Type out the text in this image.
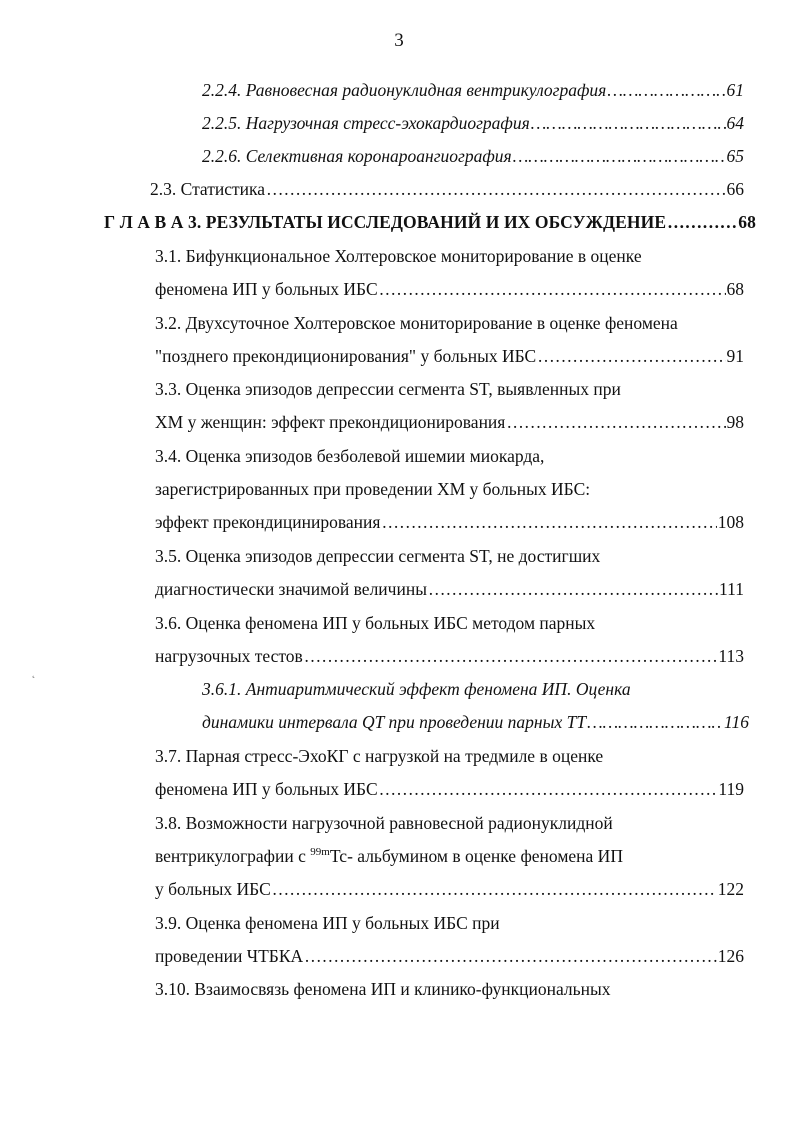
3
2.2.4. Равновесная радионуклидная вентрикулография …………………………………………………………………………………………………………………………………………………………………………	61
2.2.5. Нагрузочная стресс-эхокардиография …………………………………………………………………………………………………………………………………………………………………………	64
2.2.6. Селективная коронароангиография …………………………………………………………………………………………………………………………………………………………………………	65
2.3. Статистика …………………………………………………………………………………………………………………………………………………………………………	66
Г Л А В А 3. РЕЗУЛЬТАТЫ ИССЛЕДОВАНИЙ И ИХ ОБСУЖДЕНИЕ …………………………………………………………………………………………………………………………………………………………………………	68
3.1. Бифункциональное Холтеровское мониторирование в оценке
феномена ИП у больных ИБС …………………………………………………………………………………………………………………………………………………………………………	68
3.2. Двухсуточное Холтеровское мониторирование в оценке феномена
"позднего прекондиционирования" у больных ИБС …………………………………………………………………………………………………………………………………………………………………………	91
3.3. Оценка эпизодов депрессии сегмента ST, выявленных при
ХМ у женщин: эффект прекондиционирования …………………………………………………………………………………………………………………………………………………………………………	98
3.4. Оценка эпизодов безболевой ишемии миокарда,
зарегистрированных при проведении ХМ у больных ИБС:
эффект прекондицинирования …………………………………………………………………………………………………………………………………………………………………………	108
3.5. Оценка эпизодов депрессии сегмента ST, не достигших
диагностически значимой величины …………………………………………………………………………………………………………………………………………………………………………	111
3.6. Оценка феномена ИП у больных ИБС методом парных
нагрузочных тестов …………………………………………………………………………………………………………………………………………………………………………	113
3.6.1. Антиаритмический эффект феномена ИП. Оценка
динамики интервала QT при проведении парных ТТ …………………………………………………………………………………………………………………………………………………………………………	116
3.7. Парная стресс-ЭхоКГ с нагрузкой на тредмиле в оценке
феномена ИП у больных ИБС …………………………………………………………………………………………………………………………………………………………………………	119
3.8. Возможности нагрузочной равновесной радионуклидной
вентрикулографии с $^{99m}$Tc- альбумином в оценке феномена ИП
у больных ИБС …………………………………………………………………………………………………………………………………………………………………………	122
3.9. Оценка феномена ИП у больных ИБС при
проведении ЧТБКА …………………………………………………………………………………………………………………………………………………………………………	126
3.10. Взаимосвязь феномена ИП и клинико-функциональных
˛
